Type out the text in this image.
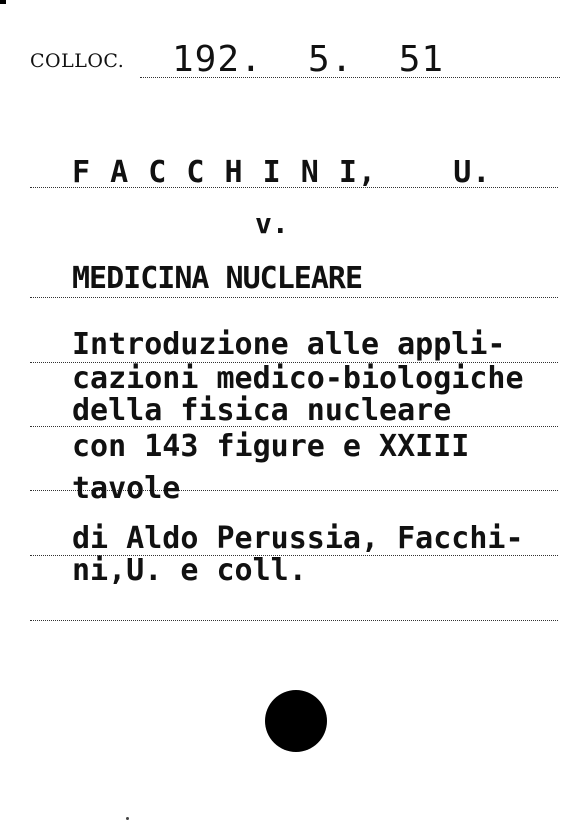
COLLOC. 192.  5.  51
F A C C H I N I,    U.
v.
MEDICINA NUCLEARE
Introduzione alle appli-
cazioni medico-biologiche
della fisica nucleare
con 143 figure e XXIII
tavole
di Aldo Perussia, Facchi-
ni,U. e coll.
